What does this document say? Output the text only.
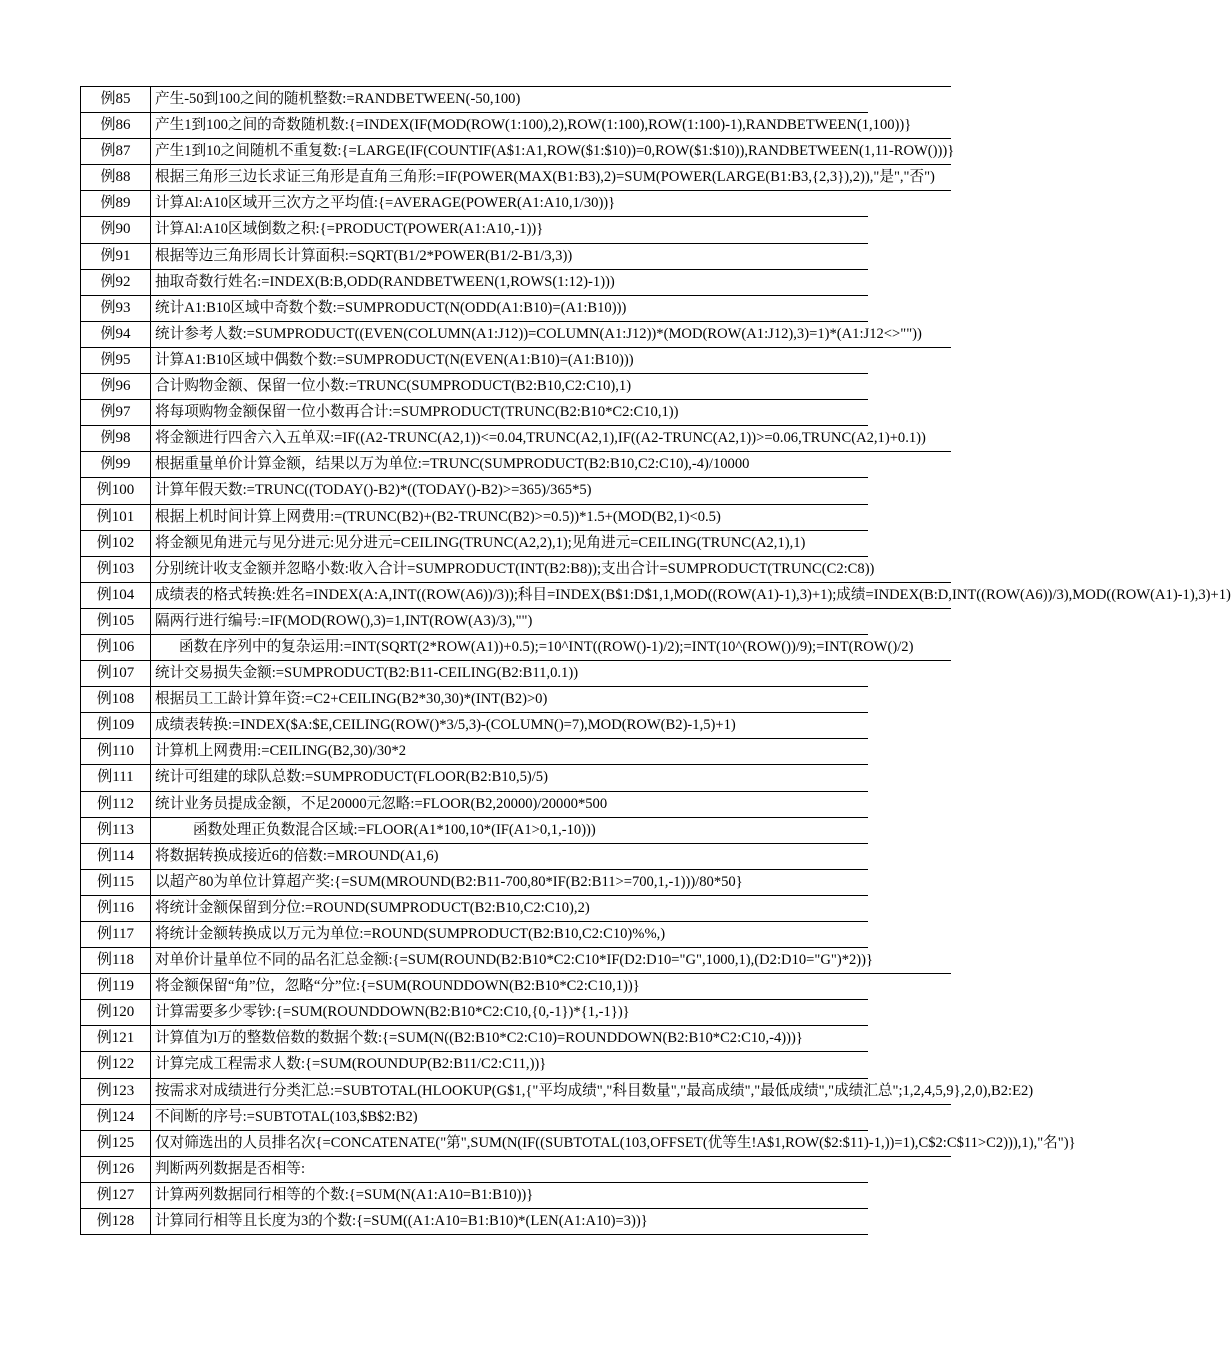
例85	产生-50到100之间的随机整数:=RANDBETWEEN(-50,100)
例86	产生1到100之间的奇数随机数:{=INDEX(IF(MOD(ROW(1:100),2),ROW(1:100),ROW(1:100)-1),RANDBETWEEN(1,100))}
例87	产生1到10之间随机不重复数:{=LARGE(IF(COUNTIF(A$1:A1,ROW($1:$10))=0,ROW($1:$10)),RANDBETWEEN(1,11-ROW()))}
例88	根据三角形三边长求证三角形是直角三角形:=IF(POWER(MAX(B1:B3),2)=SUM(POWER(LARGE(B1:B3,{2,3}),2)),"是","否")
例89	计算Al:A10区域开三次方之平均值:{=AVERAGE(POWER(A1:A10,1/30))}
例90	计算Al:A10区域倒数之积:{=PRODUCT(POWER(A1:A10,-1))}
例91	根据等边三角形周长计算面积:=SQRT(B1/2*POWER(B1/2-B1/3,3))
例92	抽取奇数行姓名:=INDEX(B:B,ODD(RANDBETWEEN(1,ROWS(1:12)-1)))
例93	统计A1:B10区域中奇数个数:=SUMPRODUCT(N(ODD(A1:B10)=(A1:B10)))
例94	统计参考人数:=SUMPRODUCT((EVEN(COLUMN(A1:J12))=COLUMN(A1:J12))*(MOD(ROW(A1:J12),3)=1)*(A1:J12<>""))
例95	计算A1:B10区域中偶数个数:=SUMPRODUCT(N(EVEN(A1:B10)=(A1:B10)))
例96	合计购物金额、保留一位小数:=TRUNC(SUMPRODUCT(B2:B10,C2:C10),1)
例97	将每项购物金额保留一位小数再合计:=SUMPRODUCT(TRUNC(B2:B10*C2:C10,1))
例98	将金额进行四舍六入五单双:=IF((A2-TRUNC(A2,1))<=0.04,TRUNC(A2,1),IF((A2-TRUNC(A2,1))>=0.06,TRUNC(A2,1)+0.1))
例99	根据重量单价计算金额，结果以万为单位:=TRUNC(SUMPRODUCT(B2:B10,C2:C10),-4)/10000
例100	计算年假天数:=TRUNC((TODAY()-B2)*((TODAY()-B2)>=365)/365*5)
例101	根据上机时间计算上网费用:=(TRUNC(B2)+(B2-TRUNC(B2)>=0.5))*1.5+(MOD(B2,1)<0.5)
例102	将金额见角进元与见分进元:见分进元=CEILING(TRUNC(A2,2),1);见角进元=CEILING(TRUNC(A2,1),1)
例103	分别统计收支金额并忽略小数:收入合计=SUMPRODUCT(INT(B2:B8));支出合计=SUMPRODUCT(TRUNC(C2:C8))
例104	成绩表的格式转换:姓名=INDEX(A:A,INT((ROW(A6))/3));科目=INDEX(B$1:D$1,1,MOD((ROW(A1)-1),3)+1);成绩=INDEX(B:D,INT((ROW(A6))/3),MOD((ROW(A1)-1),3)+1)
例105	隔两行进行编号:=IF(MOD(ROW(),3)=1,INT(ROW(A3)/3),"")
例106	函数在序列中的复杂运用:=INT(SQRT(2*ROW(A1))+0.5);=10^INT((ROW()-1)/2);=INT(10^(ROW())/9);=INT(ROW()/2)
例107	统计交易损失金额:=SUMPRODUCT(B2:B11-CEILING(B2:B11,0.1))
例108	根据员工工龄计算年资:=C2+CEILING(B2*30,30)*(INT(B2)>0)
例109	成绩表转换:=INDEX($A:$E,CEILING(ROW()*3/5,3)-(COLUMN()=7),MOD(ROW(B2)-1,5)+1)
例110	计算机上网费用:=CEILING(B2,30)/30*2
例111	统计可组建的球队总数:=SUMPRODUCT(FLOOR(B2:B10,5)/5)
例112	统计业务员提成金额，不足20000元忽略:=FLOOR(B2,20000)/20000*500
例113	函数处理正负数混合区域:=FLOOR(A1*100,10*(IF(A1>0,1,-10)))
例114	将数据转换成接近6的倍数:=MROUND(A1,6)
例115	以超产80为单位计算超产奖:{=SUM(MROUND(B2:B11-700,80*IF(B2:B11>=700,1,-1)))/80*50}
例116	将统计金额保留到分位:=ROUND(SUMPRODUCT(B2:B10,C2:C10),2)
例117	将统计金额转换成以万元为单位:=ROUND(SUMPRODUCT(B2:B10,C2:C10)%%,)
例118	对单价计量单位不同的品名汇总金额:{=SUM(ROUND(B2:B10*C2:C10*IF(D2:D10="G",1000,1),(D2:D10="G")*2))}
例119	将金额保留“角”位，忽略“分”位:{=SUM(ROUNDDOWN(B2:B10*C2:C10,1))}
例120	计算需要多少零钞:{=SUM(ROUNDDOWN(B2:B10*C2:C10,{0,-1})*{1,-1})}
例121	计算值为l万的整数倍数的数据个数:{=SUM(N((B2:B10*C2:C10)=ROUNDDOWN(B2:B10*C2:C10,-4)))}
例122	计算完成工程需求人数:{=SUM(ROUNDUP(B2:B11/C2:C11,))}
例123	按需求对成绩进行分类汇总:=SUBTOTAL(HLOOKUP(G$1,{"平均成绩","科目数量","最高成绩","最低成绩","成绩汇总";1,2,4,5,9},2,0),B2:E2)
例124	不间断的序号:=SUBTOTAL(103,$B$2:B2)
例125	仅对筛选出的人员排名次{=CONCATENATE("第",SUM(N(IF((SUBTOTAL(103,OFFSET(优等生!A$1,ROW($2:$11)-1,))=1),C$2:C$11>C2))),1),"名")}
例126	判断两列数据是否相等:
例127	计算两列数据同行相等的个数:{=SUM(N(A1:A10=B1:B10))}
例128	计算同行相等且长度为3的个数:{=SUM((A1:A10=B1:B10)*(LEN(A1:A10)=3))}
